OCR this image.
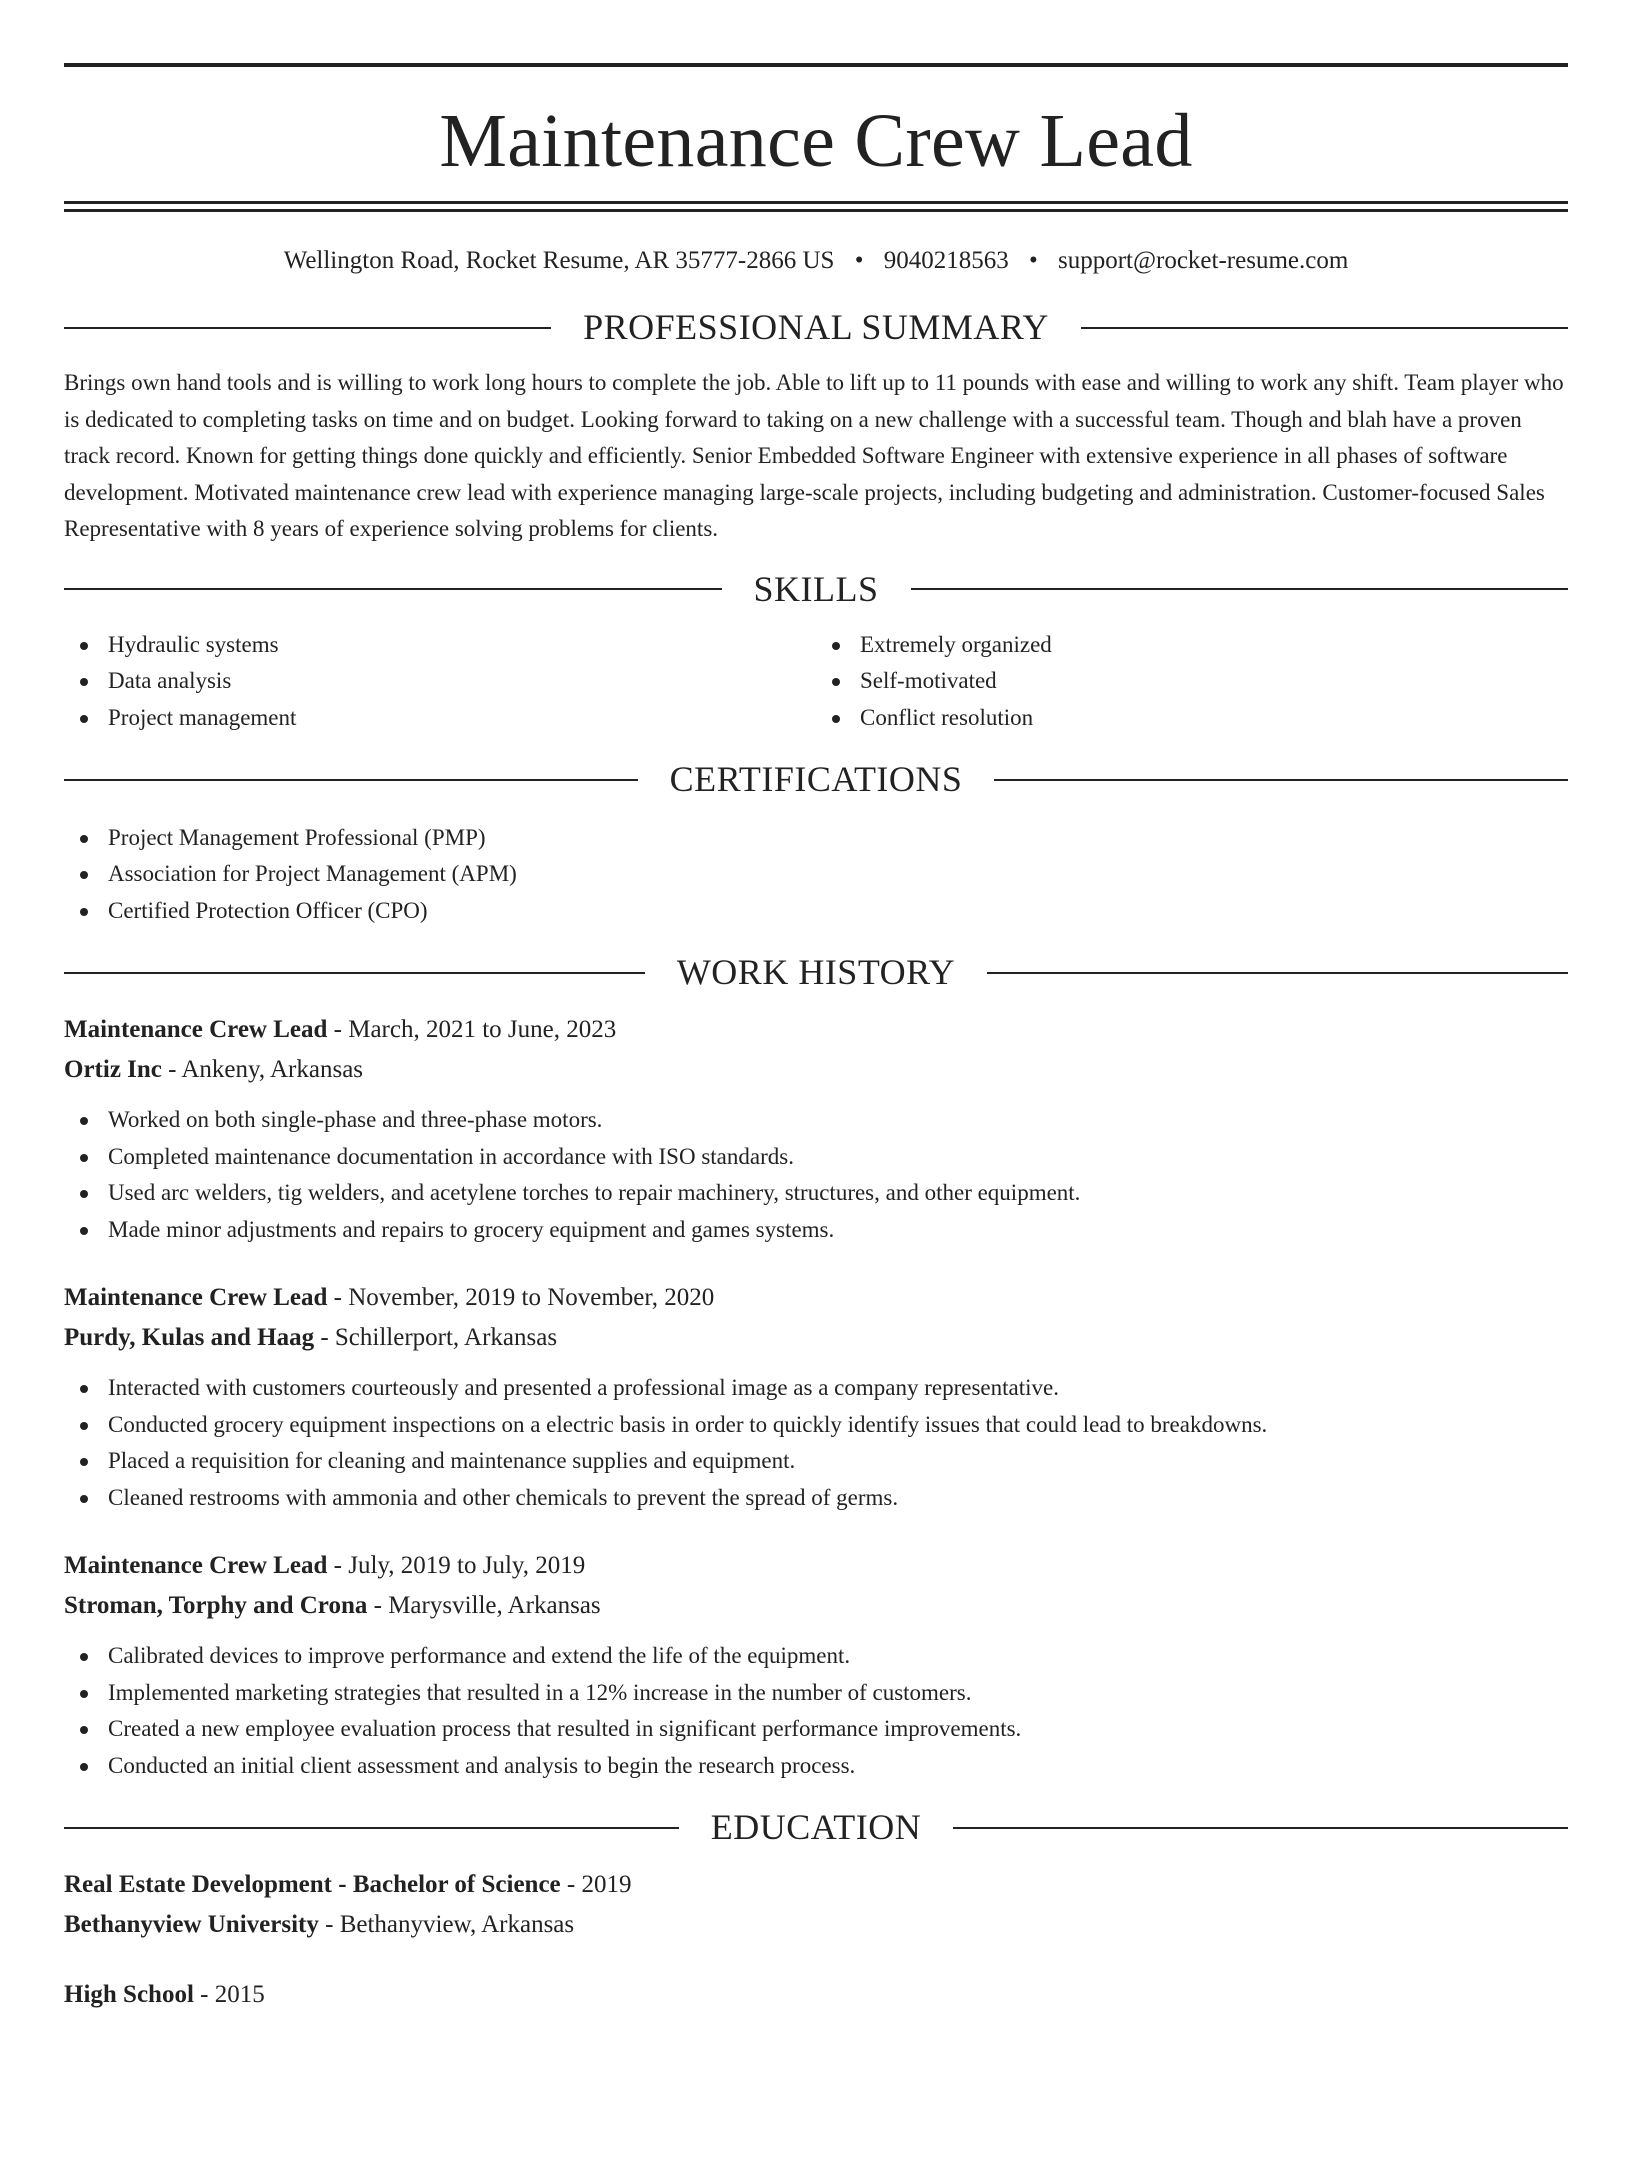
Maintenance Crew Lead
Wellington Road, Rocket Resume, AR 35777-2866 US • 9040218563 • support@rocket-resume.com
PROFESSIONAL SUMMARY
Brings own hand tools and is willing to work long hours to complete the job. Able to lift up to 11 pounds with ease and willing to work any shift. Team player who is dedicated to completing tasks on time and on budget. Looking forward to taking on a new challenge with a successful team. Though and blah have a proven track record. Known for getting things done quickly and efficiently. Senior Embedded Software Engineer with extensive experience in all phases of software development. Motivated maintenance crew lead with experience managing large-scale projects, including budgeting and administration. Customer-focused Sales Representative with 8 years of experience solving problems for clients.
SKILLS
Hydraulic systems
Data analysis
Project management
Extremely organized
Self-motivated
Conflict resolution
CERTIFICATIONS
Project Management Professional (PMP)
Association for Project Management (APM)
Certified Protection Officer (CPO)
WORK HISTORY
Maintenance Crew Lead - March, 2021 to June, 2023
Ortiz Inc - Ankeny, Arkansas
Worked on both single-phase and three-phase motors.
Completed maintenance documentation in accordance with ISO standards.
Used arc welders, tig welders, and acetylene torches to repair machinery, structures, and other equipment.
Made minor adjustments and repairs to grocery equipment and games systems.
Maintenance Crew Lead - November, 2019 to November, 2020
Purdy, Kulas and Haag - Schillerport, Arkansas
Interacted with customers courteously and presented a professional image as a company representative.
Conducted grocery equipment inspections on a electric basis in order to quickly identify issues that could lead to breakdowns.
Placed a requisition for cleaning and maintenance supplies and equipment.
Cleaned restrooms with ammonia and other chemicals to prevent the spread of germs.
Maintenance Crew Lead - July, 2019 to July, 2019
Stroman, Torphy and Crona - Marysville, Arkansas
Calibrated devices to improve performance and extend the life of the equipment.
Implemented marketing strategies that resulted in a 12% increase in the number of customers.
Created a new employee evaluation process that resulted in significant performance improvements.
Conducted an initial client assessment and analysis to begin the research process.
EDUCATION
Real Estate Development - Bachelor of Science - 2019
Bethanyview University - Bethanyview, Arkansas
High School - 2015
